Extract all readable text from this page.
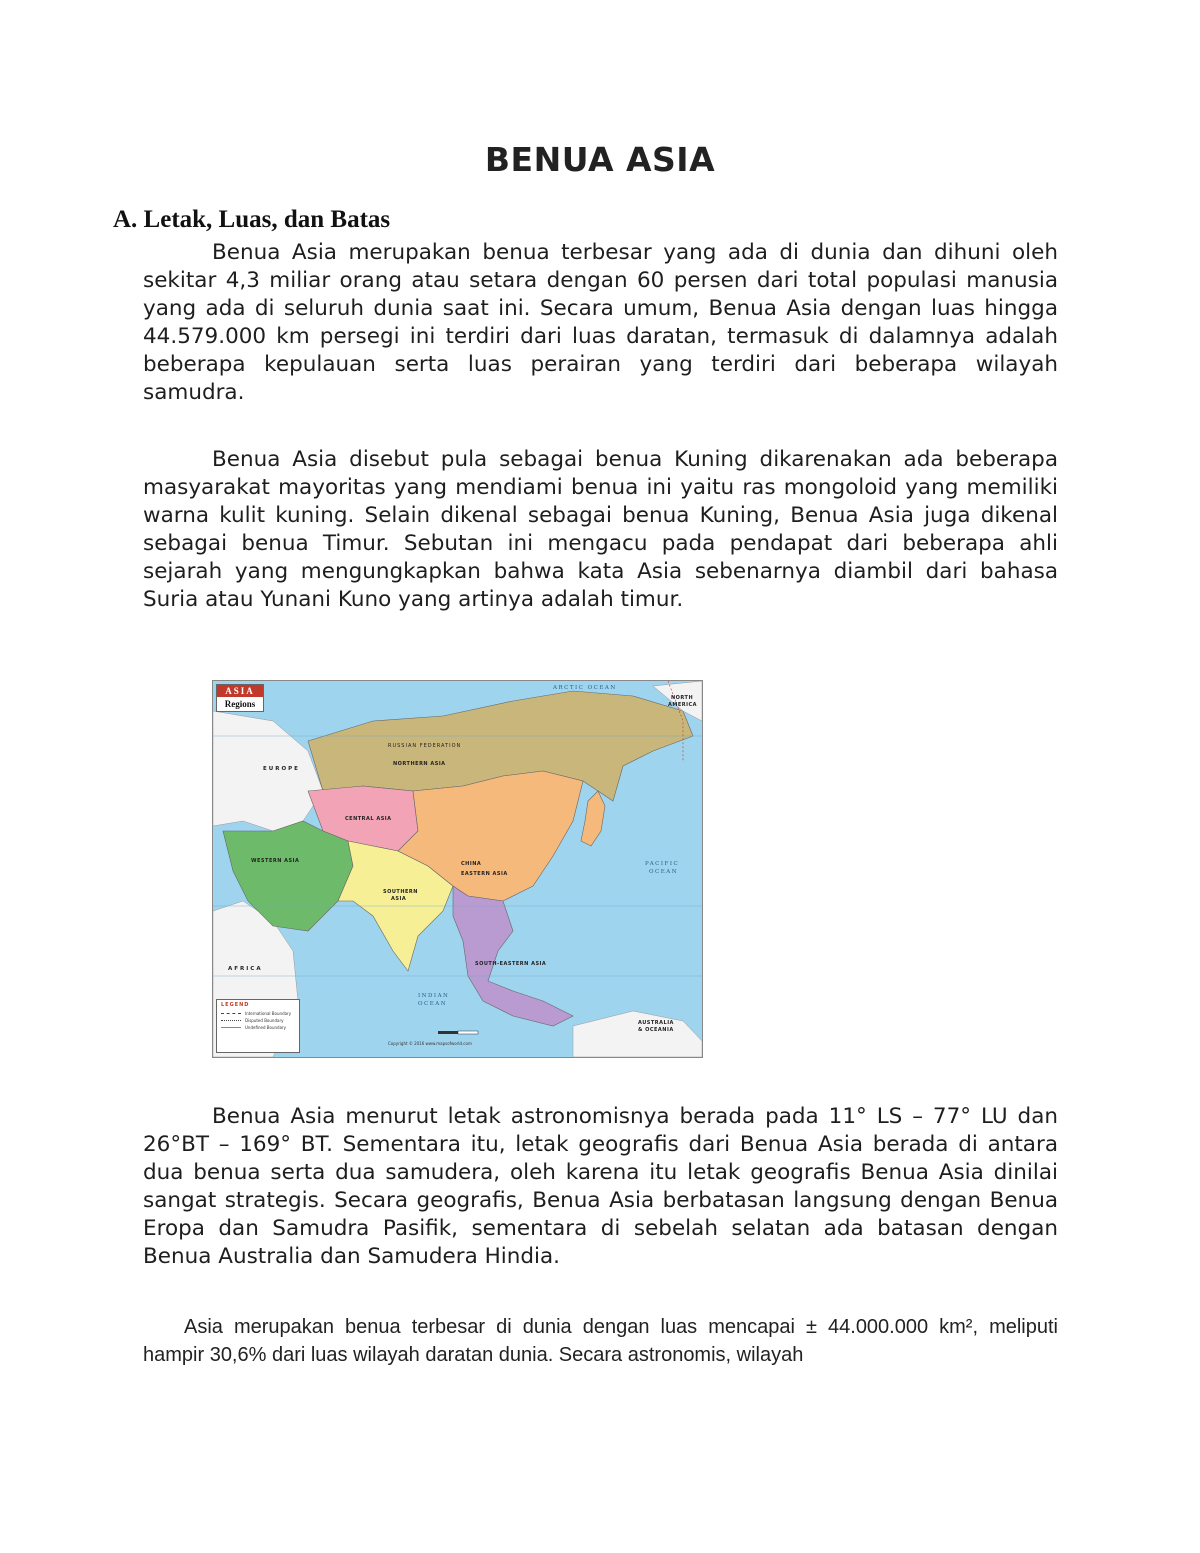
BENUA ASIA
A. Letak, Luas, dan Batas
Benua Asia merupakan benua terbesar yang ada di dunia dan dihuni oleh sekitar 4,3 miliar orang atau setara dengan 60 persen dari total populasi manusia yang ada di seluruh dunia saat ini. Secara umum, Benua Asia dengan luas hingga 44.579.000 km persegi ini terdiri dari luas daratan, termasuk di dalamnya adalah beberapa kepulauan serta luas perairan yang terdiri dari beberapa wilayah samudra.
Benua Asia disebut pula sebagai benua Kuning dikarenakan ada beberapa masyarakat mayoritas yang mendiami benua ini yaitu ras mongoloid yang memiliki warna kulit kuning. Selain dikenal sebagai benua Kuning, Benua Asia juga dikenal sebagai benua Timur. Sebutan ini mengacu pada pendapat dari beberapa ahli sejarah yang mengungkapkan bahwa kata Asia sebenarnya diambil dari bahasa Suria atau Yunani Kuno yang artinya adalah timur.
ASIA
Regions
NORTHERN ASIA
CENTRAL ASIA
WESTERN ASIA
SOUTHERN
ASIA
CHINA
EASTERN ASIA
SOUTH-EASTERN ASIA
RUSSIAN FEDERATION
EUROPE
AFRICA
NORTH
AMERICA
AUSTRALIA
& OCEANIA
ARCTIC OCEAN
PACIFIC
OCEAN
INDIAN
OCEAN
LEGEND
International Boundary
Disputed Boundary
Undefined Boundary
Copyright © 2016 www.mapsofworld.com
Benua Asia menurut letak astronomisnya berada pada 11° LS – 77° LU dan 26°BT – 169° BT. Sementara itu, letak geografis dari Benua Asia berada di antara dua benua serta dua samudera, oleh karena itu letak geografis Benua Asia dinilai sangat strategis. Secara geografis, Benua Asia berbatasan langsung dengan Benua Eropa dan Samudra Pasifik, sementara di sebelah selatan ada batasan dengan Benua Australia dan Samudera Hindia.
Asia merupakan benua terbesar di dunia dengan luas mencapai ± 44.000.000 km², meliputi hampir 30,6% dari luas wilayah daratan dunia. Secara astronomis, wilayah
